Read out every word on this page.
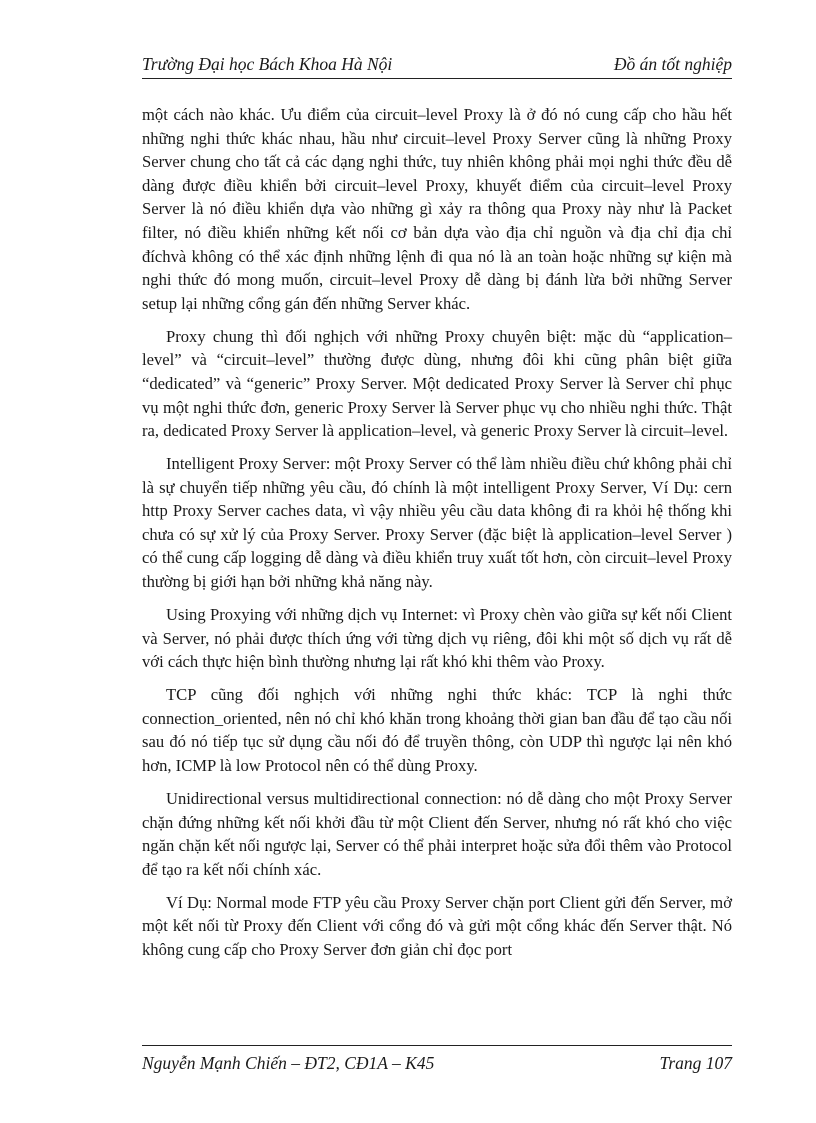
Trường Đại học Bách Khoa Hà Nội	Đồ án tốt nghiệp

một cách nào khác. Ưu điểm của circuit–level Proxy là ở đó nó cung cấp cho hầu hết những nghi thức khác nhau, hầu như circuit–level Proxy Server cũng là những Proxy Server chung cho tất cả các dạng nghi thức, tuy nhiên không phải mọi nghi thức đều dễ dàng được điều khiển bởi circuit–level Proxy, khuyết điểm của circuit–level Proxy Server là nó điều khiển dựa vào những gì xảy ra thông qua Proxy này như là Packet filter, nó điều khiển những kết nối cơ bản dựa vào địa chỉ nguồn và địa chỉ địa chỉ đíchvà không có thể xác định những lệnh đi qua nó là an toàn hoặc những sự kiện mà nghi thức đó mong muốn, circuit–level Proxy dễ dàng bị đánh lừa bởi những Server setup lại những cổng gán đến những Server khác.

Proxy chung thì đối nghịch với những Proxy chuyên biệt: mặc dù “application–level” và “circuit–level” thường được dùng, nhưng đôi khi cũng phân biệt giữa “dedicated” và “generic” Proxy Server. Một dedicated Proxy Server là Server chỉ phục vụ một nghi thức đơn, generic Proxy Server là Server phục vụ cho nhiều nghi thức. Thật ra, dedicated Proxy Server là application–level, và generic Proxy Server là circuit–level.

Intelligent Proxy Server: một Proxy Server có thể làm nhiều điều chứ không phải chỉ là sự chuyển tiếp những yêu cầu, đó chính là một intelligent Proxy Server, Ví Dụ: cern http Proxy Server caches data, vì vậy nhiều yêu cầu data không đi ra khỏi hệ thống khi chưa có sự xử lý của Proxy Server. Proxy Server (đặc biệt là application–level Server ) có thể cung cấp logging dễ dàng và điều khiển truy xuất tốt hơn, còn circuit–level Proxy thường bị giới hạn bởi những khả năng này.

Using Proxying với những dịch vụ Internet: vì Proxy chèn vào giữa sự kết nối Client và Server, nó phải được thích ứng với từng dịch vụ riêng, đôi khi một số dịch vụ rất dễ với cách thực hiện bình thường nhưng lại rất khó khi thêm vào Proxy.

TCP cũng đối nghịch với những nghi thức khác: TCP là nghi thức connection_oriented, nên nó chỉ khó khăn trong khoảng thời gian ban đầu để tạo cầu nối sau đó nó tiếp tục sử dụng cầu nối đó để truyền thông, còn UDP thì ngược lại nên khó hơn, ICMP là low Protocol nên có thể dùng Proxy.

Unidirectional versus multidirectional connection: nó dễ dàng cho một Proxy Server chặn đứng những kết nối khởi đầu từ một Client đến Server, nhưng nó rất khó cho việc ngăn chặn kết nối ngược lại, Server có thể phải interpret hoặc sửa đổi thêm vào Protocol để tạo ra kết nối chính xác.

Ví Dụ: Normal mode FTP yêu cầu Proxy Server chặn port Client gửi đến Server, mở một kết nối từ Proxy đến Client với cổng đó và gửi một cổng khác đến Server thật. Nó không cung cấp cho Proxy Server đơn giản chỉ đọc port

Nguyễn Mạnh Chiến – ĐT2, CĐ1A – K45	Trang 107
